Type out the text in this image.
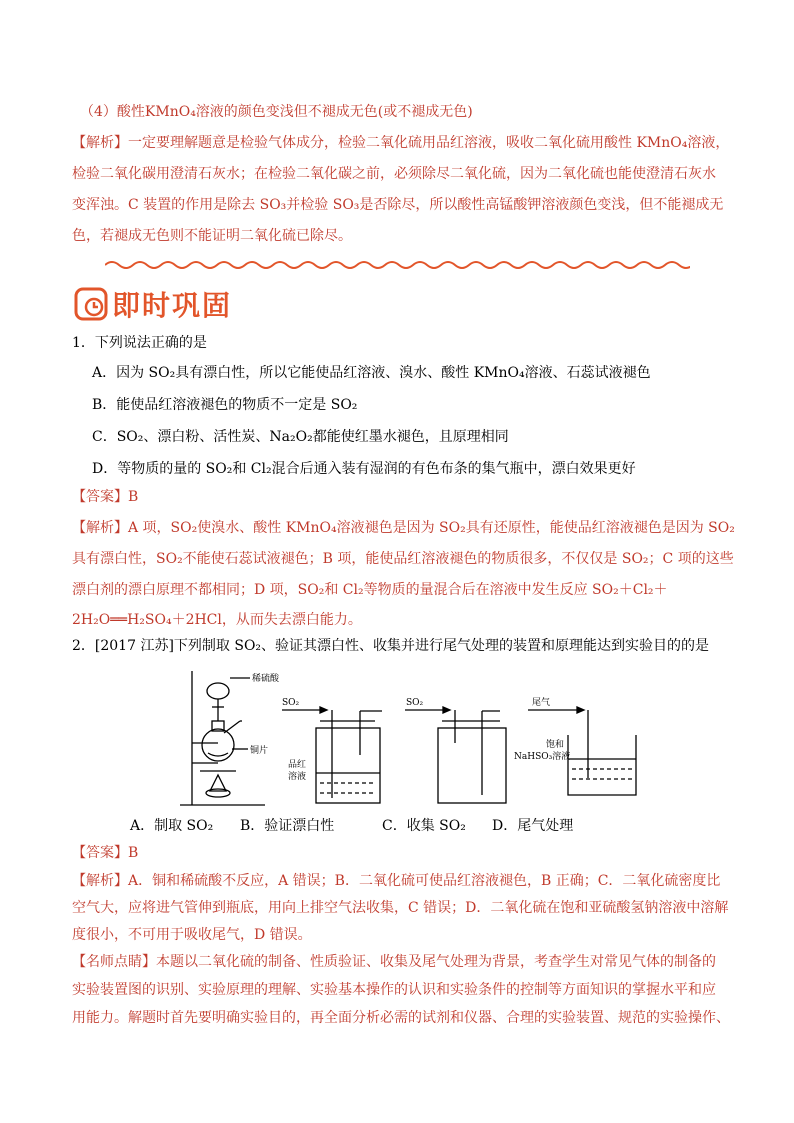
（4）酸性KMnO₄溶液的颜色变浅但不褪成无色(或不褪成无色)
【解析】一定要理解题意是检验气体成分，检验二氧化硫用品红溶液，吸收二氧化硫用酸性 KMnO₄溶液，
检验二氧化碳用澄清石灰水；在检验二氧化碳之前，必须除尽二氧化硫，因为二氧化硫也能使澄清石灰水
变浑浊。C 装置的作用是除去 SO₃并检验 SO₃是否除尽，所以酸性高锰酸钾溶液颜色变浅，但不能褪成无
色，若褪成无色则不能证明二氧化硫已除尽。
即时巩固
1．下列说法正确的是
A．因为 SO₂具有漂白性，所以它能使品红溶液、溴水、酸性 KMnO₄溶液、石蕊试液褪色
B．能使品红溶液褪色的物质不一定是 SO₂
C．SO₂、漂白粉、活性炭、Na₂O₂都能使红墨水褪色，且原理相同
D．等物质的量的 SO₂和 Cl₂混合后通入装有湿润的有色布条的集气瓶中，漂白效果更好
【答案】B
【解析】A 项，SO₂使溴水、酸性 KMnO₄溶液褪色是因为 SO₂具有还原性，能使品红溶液褪色是因为 SO₂
具有漂白性，SO₂不能使石蕊试液褪色；B 项，能使品红溶液褪色的物质很多，不仅仅是 SO₂；C 项的这些
漂白剂的漂白原理不都相同；D 项，SO₂和 Cl₂等物质的量混合后在溶液中发生反应 SO₂＋Cl₂＋
2H₂O══H₂SO₄＋2HCl，从而失去漂白能力。
2．[2017 江苏]下列制取 SO₂、验证其漂白性、收集并进行尾气处理的装置和原理能达到实验目的的是
稀硫酸
铜片
SO₂
品红
溶液
SO₂	尾气
饱和
NaHSO₃溶液
A．制取 SO₂	B．验证漂白性	C．收集 SO₂	D．尾气处理
【答案】B
【解析】A．铜和稀硫酸不反应，A 错误；B．二氧化硫可使品红溶液褪色，B 正确；C．二氧化硫密度比
空气大，应将进气管伸到瓶底，用向上排空气法收集，C 错误；D．二氧化硫在饱和亚硫酸氢钠溶液中溶解
度很小，不可用于吸收尾气，D 错误。
【名师点睛】本题以二氧化硫的制备、性质验证、收集及尾气处理为背景，考查学生对常见气体的制备的
实验装置图的识别、实验原理的理解、实验基本操作的认识和实验条件的控制等方面知识的掌握水平和应
用能力。解题时首先要明确实验目的，再全面分析必需的试剂和仪器、合理的实验装置、规范的实验操作、
